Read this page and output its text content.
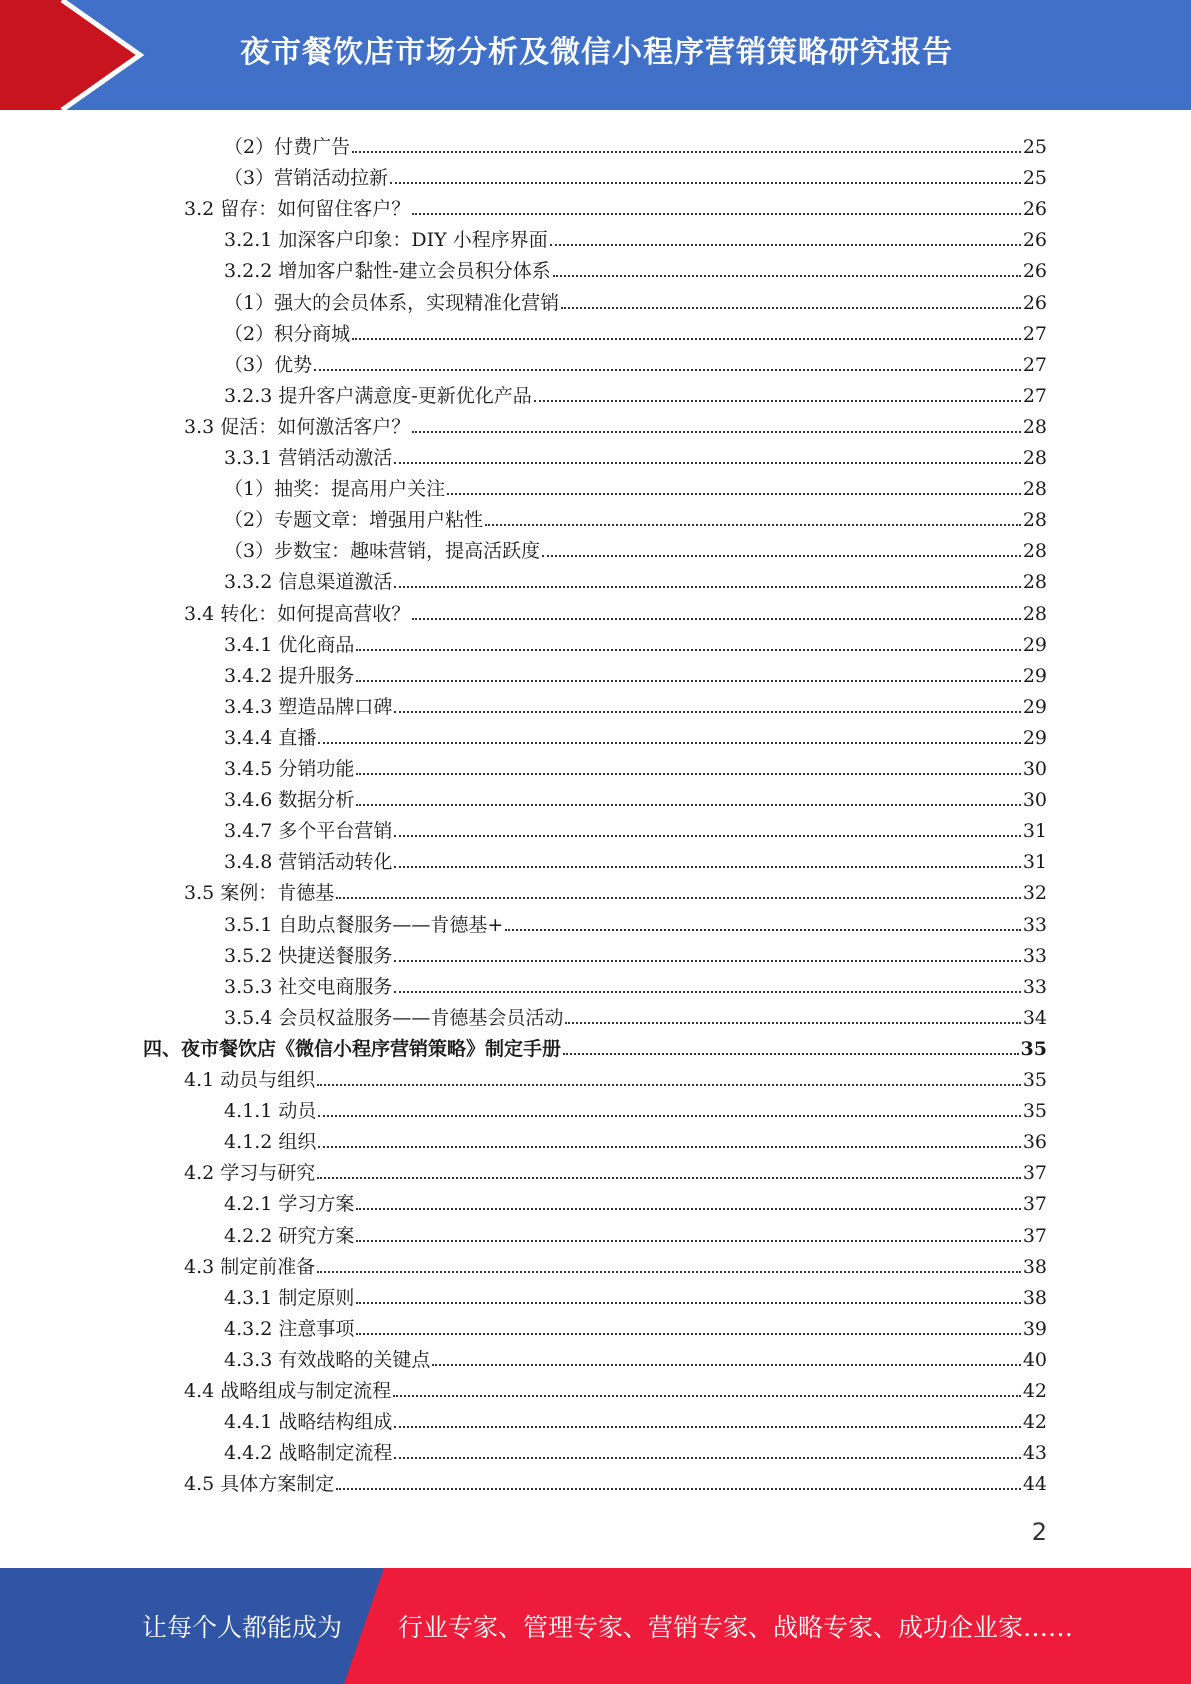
夜市餐饮店市场分析及微信小程序营销策略研究报告
（2）付费广告	25
（3）营销活动拉新	25
3.2 留存：如何留住客户？	26
3.2.1 加深客户印象：DIY 小程序界面	26
3.2.2 增加客户黏性-建立会员积分体系	26
（1）强大的会员体系，实现精准化营销	26
（2）积分商城	27
（3）优势	27
3.2.3 提升客户满意度-更新优化产品	27
3.3 促活：如何激活客户？	28
3.3.1 营销活动激活	28
（1）抽奖：提高用户关注	28
（2）专题文章：增强用户粘性	28
（3）步数宝：趣味营销，提高活跃度	28
3.3.2 信息渠道激活	28
3.4 转化：如何提高营收？	28
3.4.1 优化商品	29
3.4.2 提升服务	29
3.4.3 塑造品牌口碑	29
3.4.4 直播	29
3.4.5 分销功能	30
3.4.6 数据分析	30
3.4.7 多个平台营销	31
3.4.8 营销活动转化	31
3.5 案例：肯德基	32
3.5.1 自助点餐服务——肯德基+	33
3.5.2 快捷送餐服务	33
3.5.3 社交电商服务	33
3.5.4 会员权益服务——肯德基会员活动	34
四、夜市餐饮店《微信小程序营销策略》制定手册	35
4.1 动员与组织	35
4.1.1 动员	35
4.1.2 组织	36
4.2 学习与研究	37
4.2.1 学习方案	37
4.2.2 研究方案	37
4.3 制定前准备	38
4.3.1 制定原则	38
4.3.2 注意事项	39
4.3.3 有效战略的关键点	40
4.4 战略组成与制定流程	42
4.4.1 战略结构组成	42
4.4.2 战略制定流程	43
4.5 具体方案制定	44
2
让每个人都能成为 行业专家、管理专家、营销专家、战略专家、成功企业家……
